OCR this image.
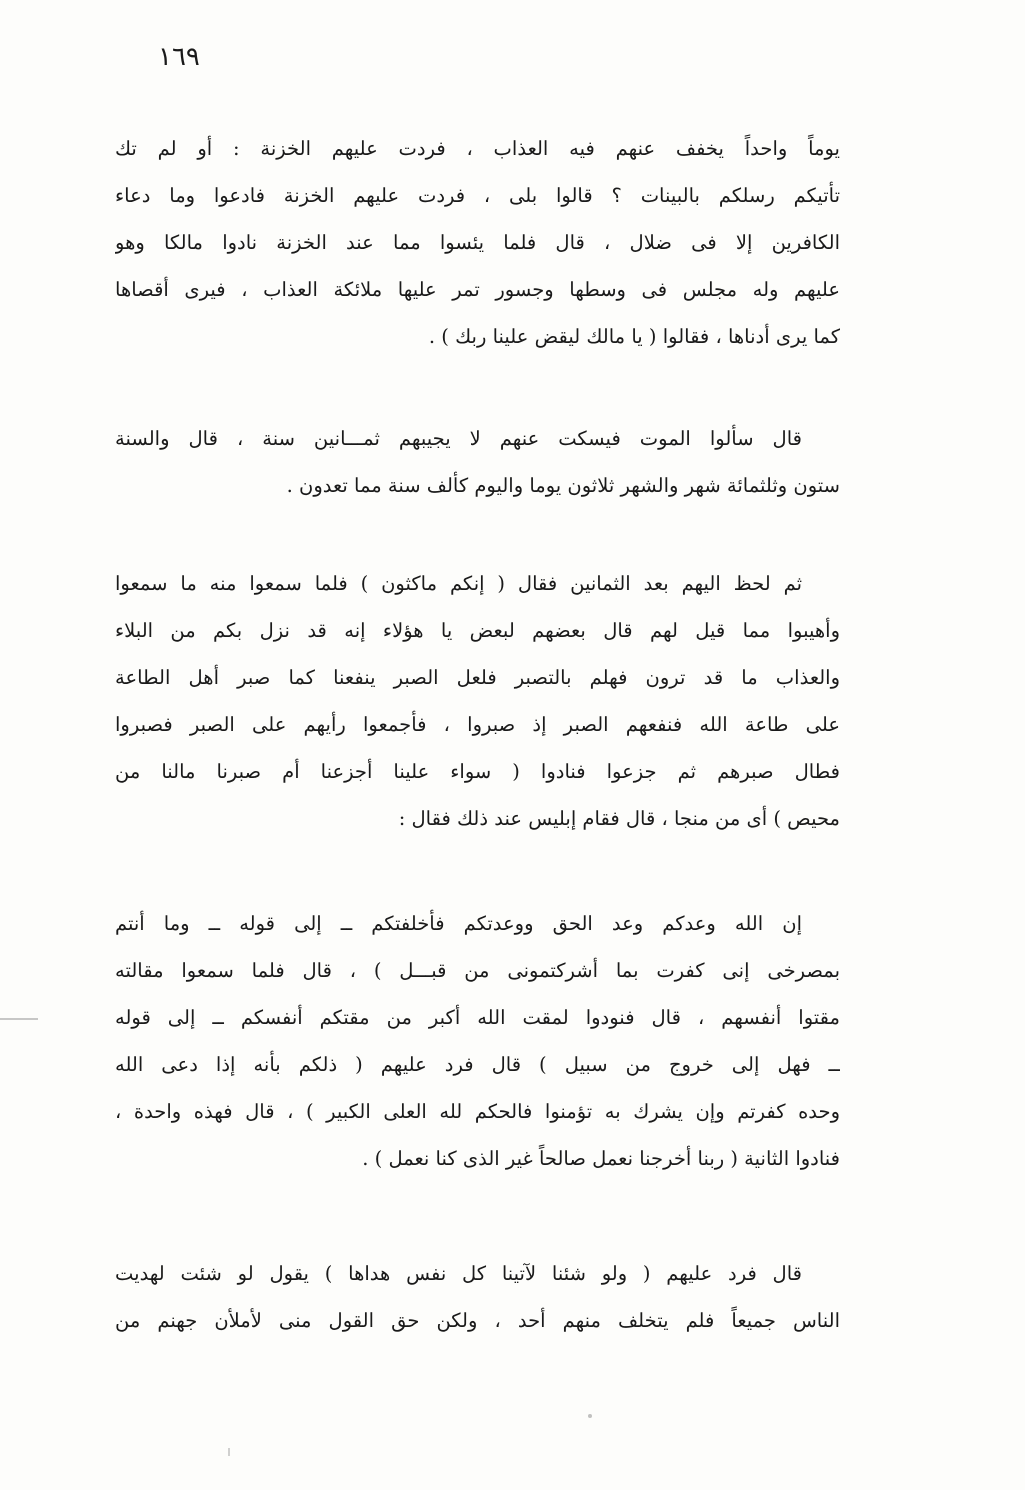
١٦٩
يوماً واحداً يخفف عنهم فيه العذاب ، فردت عليهم الخزنة : أو لم تك
تأتيكم رسلكم بالبينات ؟ قالوا بلى ، فردت عليهم الخزنة فادعوا وما دعاء
الكافرين إلا فى ضلال ، قال فلما يئسوا مما عند الخزنة نادوا مالكا وهو
عليهم وله مجلس فى وسطها وجسور تمر عليها ملائكة العذاب ، فيرى أقصاها
كما يرى أدناها ، فقالوا ( يا مالك ليقض علينا ربك ) .
قال سألوا الموت فيسكت عنهم لا يجيبهم ثمـــانين سنة ، قال والسنة
ستون وثلثمائة شهر والشهر ثلاثون يوما واليوم كألف سنة مما تعدون .
ثم لحظ اليهم بعد الثمانين فقال ( إنكم ماكثون ) فلما سمعوا منه ما سمعوا
وأهيبوا مما قيل لهم قال بعضهم لبعض يا هؤلاء إنه قد نزل بكم من البلاء
والعذاب ما قد ترون فهلم بالتصبر فلعل الصبر ينفعنا كما صبر أهل الطاعة
على طاعة الله فنفعهم الصبر إذ صبروا ، فأجمعوا رأيهم على الصبر فصبروا
فطال صبرهم ثم جزعوا فنادوا ( سواء علينا أجزعنا أم صبرنا مالنا من
محيص ) أى من منجا ، قال فقام إبليس عند ذلك فقال :
إن الله وعدكم وعد الحق ووعدتكم فأخلفتكم ــ إلى قوله ــ وما أنتم
بمصرخى إنى كفرت بما أشركتمونى من قبـــل ) ، قال فلما سمعوا مقالته
مقتوا أنفسهم ، قال فنودوا لمقت الله أكبر من مقتكم أنفسكم ــ إلى قوله
ــ فهل إلى خروج من سبيل ) قال فرد عليهم ( ذلكم بأنه إذا دعى الله
وحده كفرتم وإن يشرك به تؤمنوا فالحكم لله العلى الكبير ) ، قال فهذه واحدة ،
فنادوا الثانية ( ربنا أخرجنا نعمل صالحاً غير الذى كنا نعمل ) .
قال فرد عليهم ( ولو شئنا لآتينا كل نفس هداها ) يقول لو شئت لهديت
الناس جميعاً فلم يتخلف منهم أحد ، ولكن حق القول منى لأملأن جهنم من
